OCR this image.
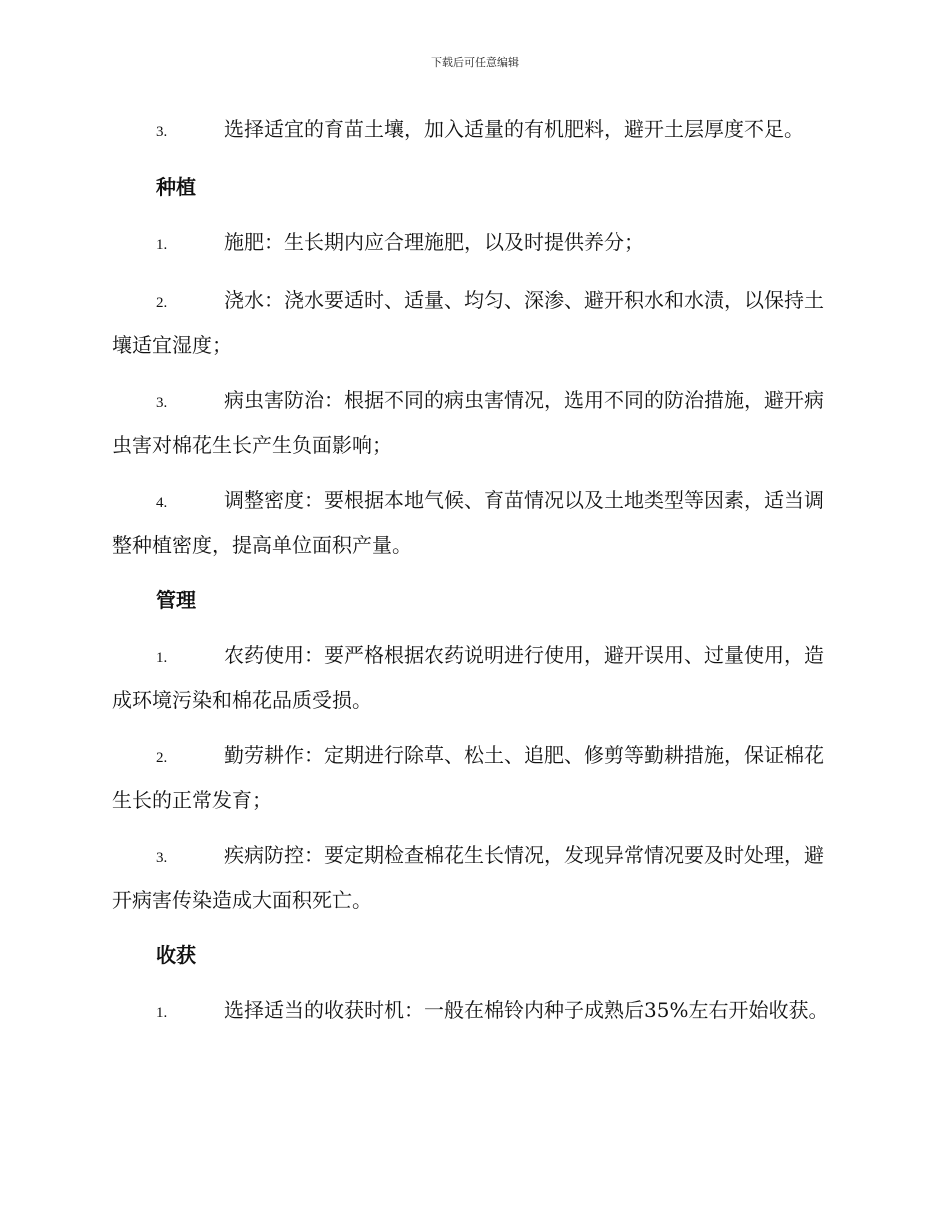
下载后可任意编辑

3.	选择适宜的育苗土壤，加入适量的有机肥料，避开土层厚度不足。

种植

1.	施肥：生长期内应合理施肥，以及时提供养分；

2.	浇水：浇水要适时、适量、均匀、深渗、避开积水和水渍，以保持土壤适宜湿度；

3.	病虫害防治：根据不同的病虫害情况，选用不同的防治措施，避开病虫害对棉花生长产生负面影响；

4.	调整密度：要根据本地气候、育苗情况以及土地类型等因素，适当调整种植密度，提高单位面积产量。

管理

1.	农药使用：要严格根据农药说明进行使用，避开误用、过量使用，造成环境污染和棉花品质受损。

2.	勤劳耕作：定期进行除草、松土、追肥、修剪等勤耕措施，保证棉花生长的正常发育；

3.	疾病防控：要定期检查棉花生长情况，发现异常情况要及时处理，避开病害传染造成大面积死亡。

收获

1.	选择适当的收获时机：一般在棉铃内种子成熟后35%左右开始收获。
